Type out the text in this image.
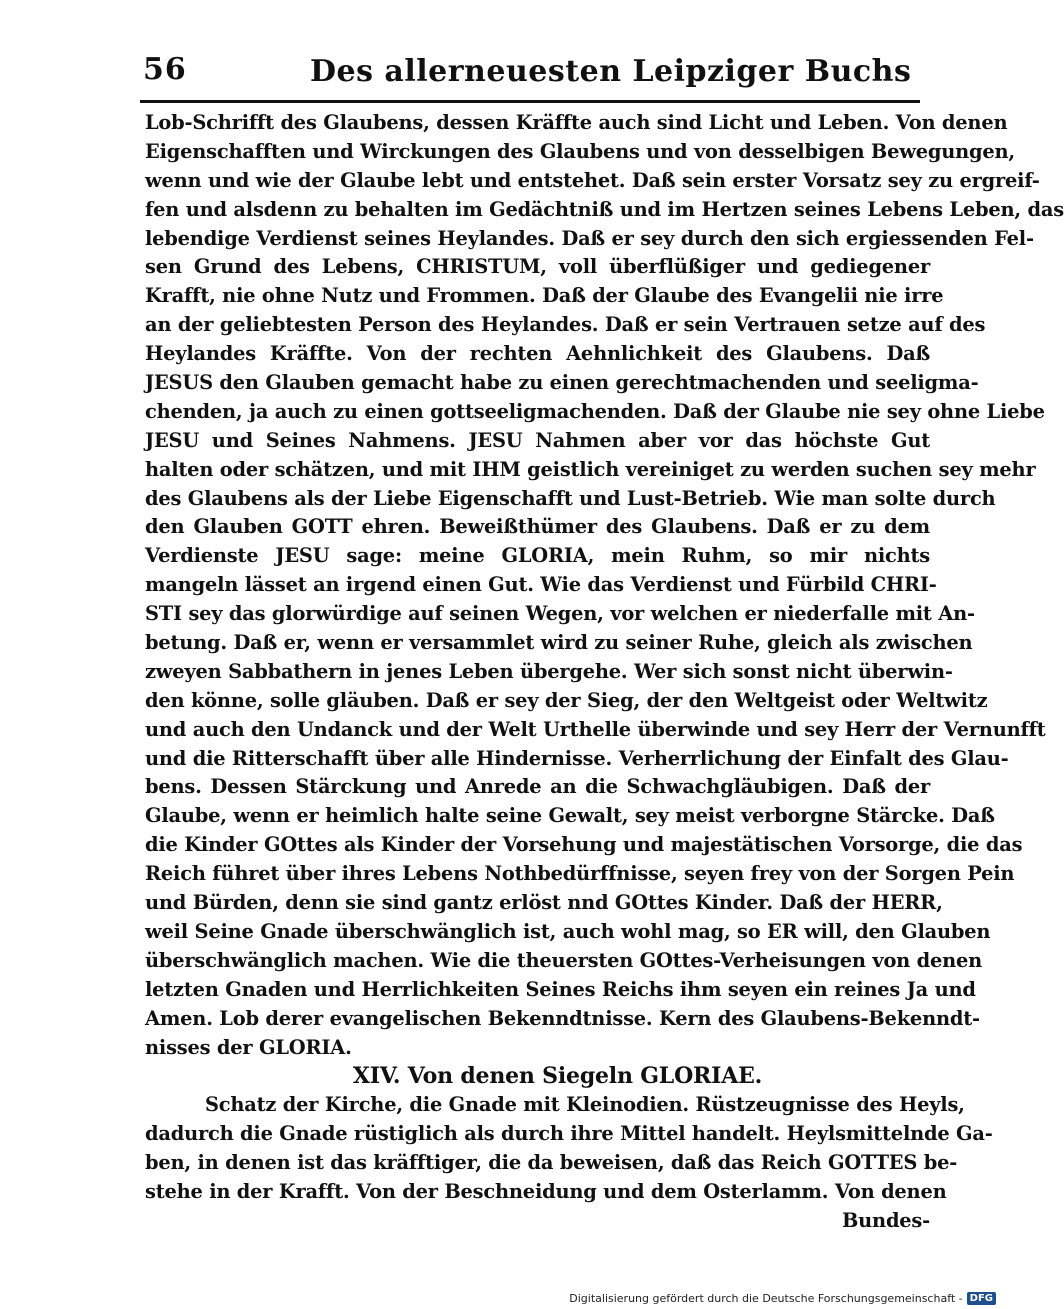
56	Des allerneuesten Leipziger Buchs
Lob-Schrifft des Glaubens, dessen Kräffte auch sind Licht und Leben. Von denen
Eigenschafften und Wirckungen des Glaubens und von desselbigen Bewegungen,
wenn und wie der Glaube lebt und entstehet. Daß sein erster Vorsatz sey zu ergreif-
fen und alsdenn zu behalten im Gedächtniß und im Hertzen seines Lebens Leben, das
lebendige Verdienst seines Heylandes. Daß er sey durch den sich ergiessenden Fel-
sen Grund des Lebens, CHRISTUM, voll überflüßiger und gediegener
Krafft, nie ohne Nutz und Frommen. Daß der Glaube des Evangelii nie irre
an der geliebtesten Person des Heylandes. Daß er sein Vertrauen setze auf des
Heylandes Kräffte. Von der rechten Aehnlichkeit des Glaubens. Daß
JESUS den Glauben gemacht habe zu einen gerechtmachenden und seeligma-
chenden, ja auch zu einen gottseeligmachenden. Daß der Glaube nie sey ohne Liebe
JESU und Seines Nahmens. JESU Nahmen aber vor das höchste Gut
halten oder schätzen, und mit IHM geistlich vereiniget zu werden suchen sey mehr
des Glaubens als der Liebe Eigenschafft und Lust-Betrieb. Wie man solte durch
den Glauben GOTT ehren. Beweißthümer des Glaubens. Daß er zu dem
Verdienste JESU sage: meine GLORIA, mein Ruhm, so mir nichts
mangeln lässet an irgend einen Gut. Wie das Verdienst und Fürbild CHRI-
STI sey das glorwürdige auf seinen Wegen, vor welchen er niederfalle mit An-
betung. Daß er, wenn er versammlet wird zu seiner Ruhe, gleich als zwischen
zweyen Sabbathern in jenes Leben übergehe. Wer sich sonst nicht überwin-
den könne, solle gläuben. Daß er sey der Sieg, der den Weltgeist oder Weltwitz
und auch den Undanck und der Welt Urthelle überwinde und sey Herr der Vernunfft
und die Ritterschafft über alle Hindernisse. Verherrlichung der Einfalt des Glau-
bens. Dessen Stärckung und Anrede an die Schwachgläubigen. Daß der
Glaube, wenn er heimlich halte seine Gewalt, sey meist verborgne Stärcke. Daß
die Kinder GOttes als Kinder der Vorsehung und majestätischen Vorsorge, die das
Reich führet über ihres Lebens Nothbedürffnisse, seyen frey von der Sorgen Pein
und Bürden, denn sie sind gantz erlöst nnd GOttes Kinder. Daß der HERR,
weil Seine Gnade überschwänglich ist, auch wohl mag, so ER will, den Glauben
überschwänglich machen. Wie die theuersten GOttes-Verheisungen von denen
letzten Gnaden und Herrlichkeiten Seines Reichs ihm seyen ein reines Ja und
Amen. Lob derer evangelischen Bekenndtnisse. Kern des Glaubens-Bekenndt-
nisses der GLORIA.
XIV. Von denen Siegeln GLORIAE.
Schatz der Kirche, die Gnade mit Kleinodien. Rüstzeugnisse des Heyls,
dadurch die Gnade rüstiglich als durch ihre Mittel handelt. Heylsmittelnde Ga-
ben, in denen ist das kräfftiger, die da beweisen, daß das Reich GOTTES be-
stehe in der Krafft. Von der Beschneidung und dem Osterlamm. Von denen
Bundes-
Digitalisierung gefördert durch die Deutsche Forschungsgemeinschaft - DFG
